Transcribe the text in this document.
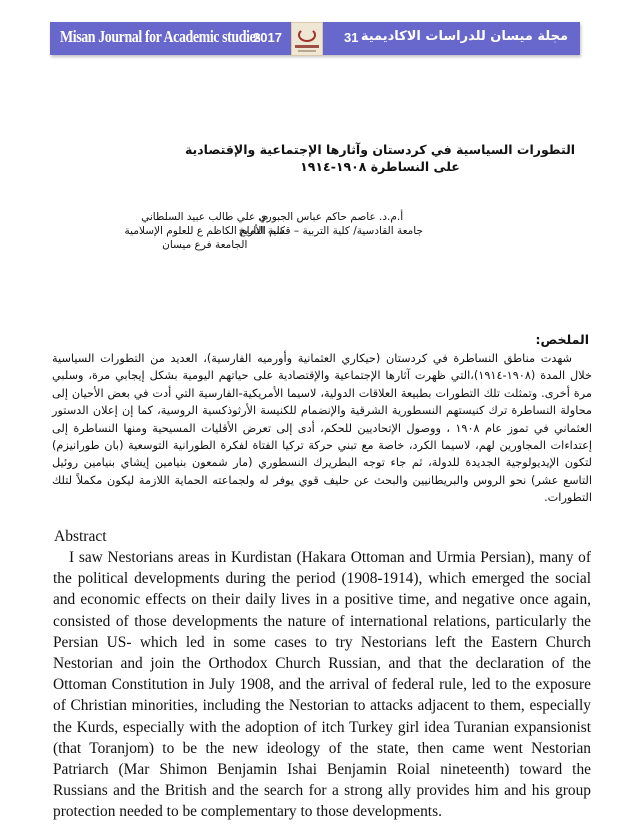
Misan Journal for Academic studies
2017	31 مجلة ميسان للدراسات الاكاديمية
التطورات السياسية في كردستان وآثارها الإجتماعية والإقتصادية
على النساطرة ١٩٠٨-١٩١٤
أ.م.د. عاصم حاكم عباس الجبوري
جامعة القادسية/ كلية التربية – قسم التاريخ
م. علي طالب عبيد السلطاني
كلية الأمام الكاظم ع للعلوم الإسلامية
الجامعة فرع ميسان
الملخص:

شهدت مناطق النساطرة في كردستان (حيكاري العثمانية وأورميه الفارسية)، العديد من التطورات السياسية خلال المدة (١٩٠٨-١٩١٤)،التي ظهرت آثارها الإجتماعية والإقتصادية على حياتهم اليومية بشكل إيجابي مرة، وسلبي مرة أخرى. وتمثلت تلك التطورات بطبيعة العلاقات الدولية، لاسيما الأمريكية-الفارسية التي أدت في بعض الأحيان إلى محاولة النساطرة ترك كنيستهم النسطورية الشرقية والإنضمام للكنيسة الأرثوذكسية الروسية، كما إن إعلان الدستور العثماني في تموز عام ١٩٠٨ ، ووصول الإتحاديين للحكم، أدى إلى تعرض الأقليات المسيحية ومنها النساطرة إلى إعتداءات المجاورين لهم، لاسيما الكرد، خاصة مع تبني حركة تركيا الفتاة لفكرة الطورانية التوسعية (بان طورانيزم) لتكون الإيديولوجية الجديدة للدولة، ثم جاء توجه البطريرك النسطوري (مار شمعون بنيامين إيشاي بنيامين روئيل التاسع عشر) نحو الروس والبريطانيين والبحث عن حليف قوي يوفر له ولجماعته الحماية اللازمة ليكون مكملاً لتلك التطورات.

Abstract

I saw Nestorians areas in Kurdistan (Hakara Ottoman and Urmia Persian), many of the political developments during the period (1908-1914), which emerged the social and economic effects on their daily lives in a positive time, and negative once again, consisted of those developments the nature of international relations, particularly the Persian US- which led in some cases to try Nestorians left the Eastern Church Nestorian and join the Orthodox Church Russian, and that the declaration of the Ottoman Constitution in July 1908, and the arrival of federal rule, led to the exposure of Christian minorities, including the Nestorian to attacks adjacent to them, especially the Kurds, especially with the adoption of itch Turkey girl idea Turanian expansionist (that Toranjom) to be the new ideology of the state, then came went Nestorian Patriarch (Mar Shimon Benjamin Ishai Benjamin Roial nineteenth) toward the Russians and the British and the search for a strong ally provides him and his group protection needed to be complementary to those developments.
